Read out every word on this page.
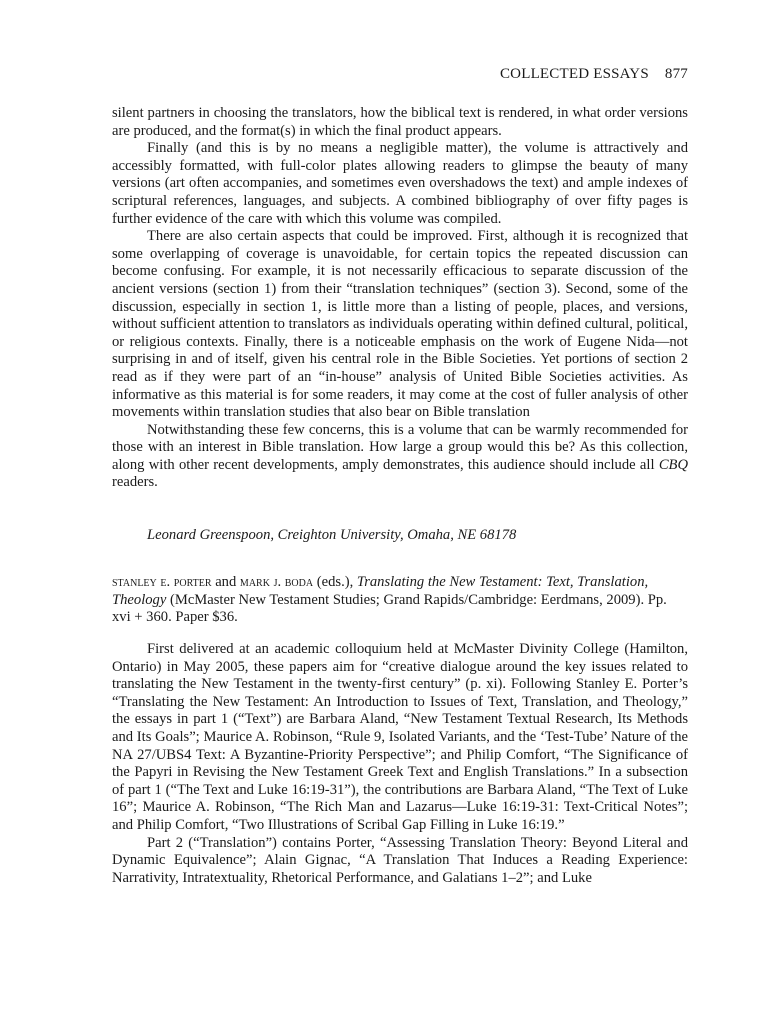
COLLECTED ESSAYS 877

silent partners in choosing the translators, how the biblical text is rendered, in what order versions are produced, and the format(s) in which the final product appears.

Finally (and this is by no means a negligible matter), the volume is attractively and accessibly formatted, with full-color plates allowing readers to glimpse the beauty of many versions (art often accompanies, and sometimes even overshadows the text) and ample indexes of scriptural references, languages, and subjects. A combined bibliography of over fifty pages is further evidence of the care with which this volume was compiled.

There are also certain aspects that could be improved. First, although it is recognized that some overlapping of coverage is unavoidable, for certain topics the repeated discussion can become confusing. For example, it is not necessarily efficacious to separate discussion of the ancient versions (section 1) from their “translation techniques” (section 3). Second, some of the discussion, especially in section 1, is little more than a listing of people, places, and versions, without sufficient attention to translators as individuals operating within defined cultural, political, or religious contexts. Finally, there is a noticeable emphasis on the work of Eugene Nida—not surprising in and of itself, given his central role in the Bible Societies. Yet portions of section 2 read as if they were part of an “in-house” analysis of United Bible Societies activities. As informative as this material is for some readers, it may come at the cost of fuller analysis of other movements within translation studies that also bear on Bible translation

Notwithstanding these few concerns, this is a volume that can be warmly recommended for those with an interest in Bible translation. How large a group would this be? As this collection, along with other recent developments, amply demonstrates, this audience should include all CBQ readers.

Leonard Greenspoon, Creighton University, Omaha, NE 68178

stanley e. porter and mark j. boda (eds.), Translating the New Testament: Text, Translation, Theology (McMaster New Testament Studies; Grand Rapids/Cambridge: Eerdmans, 2009). Pp. xvi + 360. Paper $36.

First delivered at an academic colloquium held at McMaster Divinity College (Hamilton, Ontario) in May 2005, these papers aim for “creative dialogue around the key issues related to translating the New Testament in the twenty-first century” (p. xi). Following Stanley E. Porter’s “Translating the New Testament: An Introduction to Issues of Text, Translation, and Theology,” the essays in part 1 (“Text”) are Barbara Aland, “New Testament Textual Research, Its Methods and Its Goals”; Maurice A. Robinson, “Rule 9, Isolated Variants, and the ‘Test-Tube’ Nature of the NA 27/UBS4 Text: A Byzantine-Priority Perspective”; and Philip Comfort, “The Significance of the Papyri in Revising the New Testament Greek Text and English Translations.” In a subsection of part 1 (“The Text and Luke 16:19-31”), the contributions are Barbara Aland, “The Text of Luke 16”; Maurice A. Robinson, “The Rich Man and Lazarus—Luke 16:19-31: Text-Critical Notes”; and Philip Comfort, “Two Illustrations of Scribal Gap Filling in Luke 16:19.”

Part 2 (“Translation”) contains Porter, “Assessing Translation Theory: Beyond Literal and Dynamic Equivalence”; Alain Gignac, “A Translation That Induces a Reading Experience: Narrativity, Intratextuality, Rhetorical Performance, and Galatians 1–2”; and Luke
